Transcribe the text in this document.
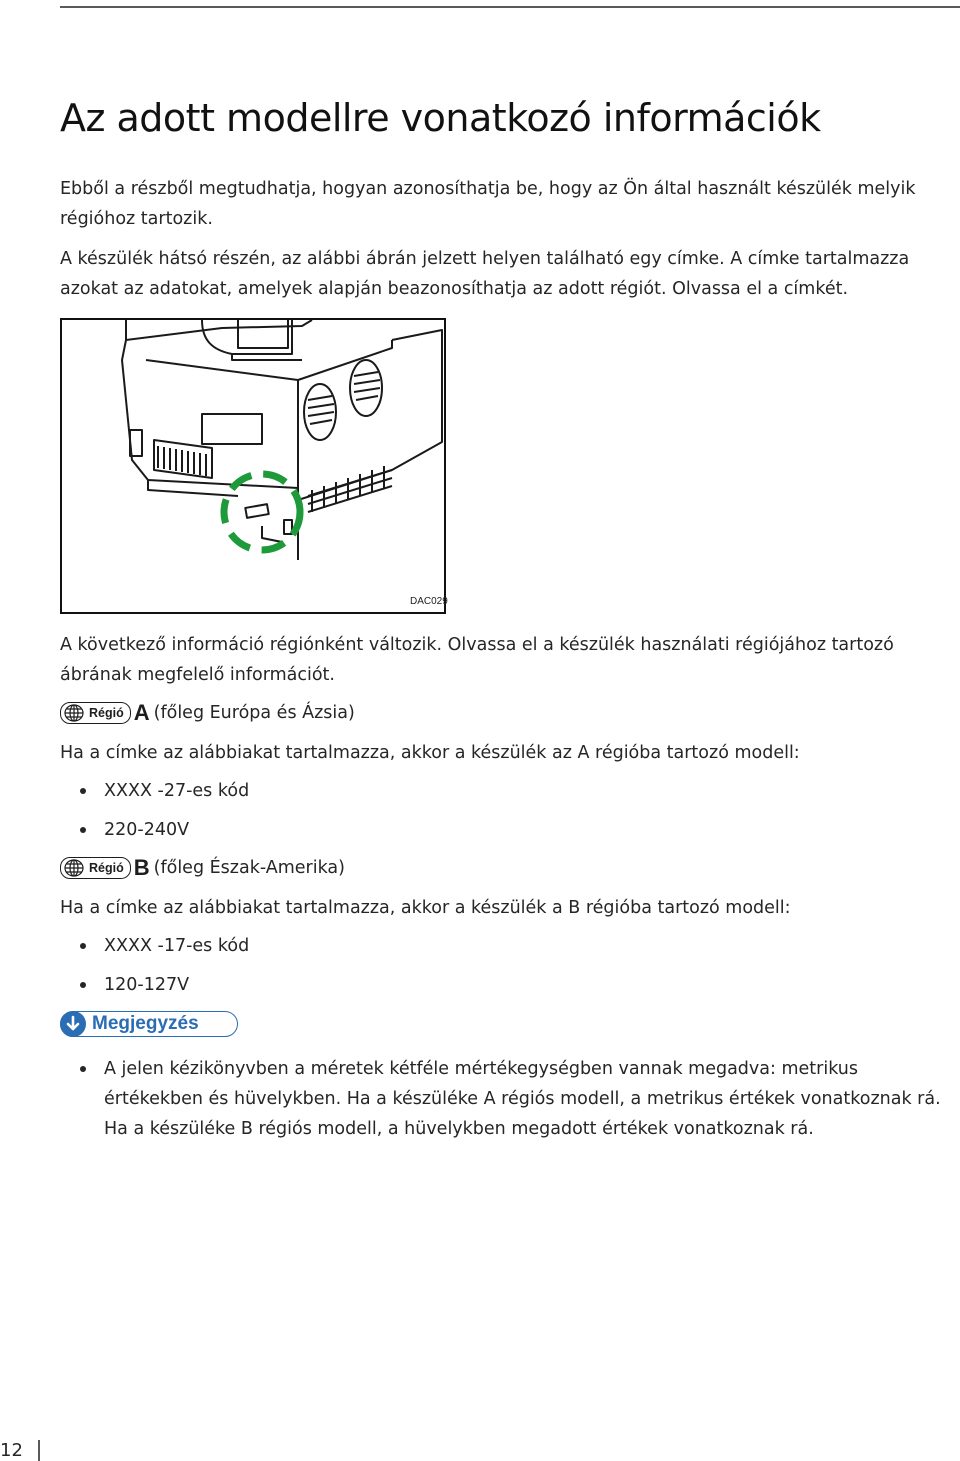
Az adott modellre vonatkozó információk

Ebből a részből megtudhatja, hogyan azonosíthatja be, hogy az Ön által használt készülék melyik régióhoz tartozik.

A készülék hátsó részén, az alábbi ábrán jelzett helyen található egy címke. A címke tartalmazza azokat az adatokat, amelyek alapján beazonosíthatja az adott régiót. Olvassa el a címkét.

DAC029

A következő információ régiónként változik. Olvassa el a készülék használati régiójához tartozó ábrának megfelelő információt.

Régió A (főleg Európa és Ázsia)

Ha a címke az alábbiakat tartalmazza, akkor a készülék az A régióba tartozó modell:

XXXX -27-es kód
220-240V
Régió B (főleg Észak-Amerika)

Ha a címke az alábbiakat tartalmazza, akkor a készülék a B régióba tartozó modell:

XXXX -17-es kód
120-127V
Megjegyzés
A jelen kézikönyvben a méretek kétféle mértékegységben vannak megadva: metrikus értékekben és hüvelykben. Ha a készüléke A régiós modell, a metrikus értékek vonatkoznak rá. Ha a készüléke B régiós modell, a hüvelykben megadott értékek vonatkoznak rá.
12
